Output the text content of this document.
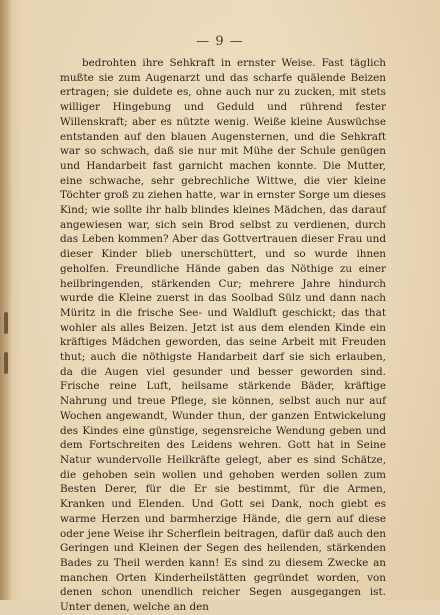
— 9 —
bedrohten ihre Sehkraft in ernster Weise. Fast täglich mußte sie zum Augenarzt und das scharfe quälende Beizen ertragen; sie duldete es, ohne auch nur zu zucken, mit stets williger Hingebung und Geduld und rührend fester Willenskraft; aber es nützte wenig. Weiße kleine Auswüchse entstanden auf den blauen Augensternen, und die Sehkraft war so schwach, daß sie nur mit Mühe der Schule genügen und Handarbeit fast garnicht machen konnte. Die Mutter, eine schwache, sehr gebrechliche Wittwe, die vier kleine Töchter groß zu ziehen hatte, war in ernster Sorge um dieses Kind; wie sollte ihr halb blindes kleines Mädchen, das darauf angewiesen war, sich sein Brod selbst zu verdienen, durch das Leben kommen? Aber das Gottvertrauen dieser Frau und dieser Kinder blieb unerschüttert, und so wurde ihnen geholfen. Freundliche Hände gaben das Nöthige zu einer heilbringenden, stärkenden Cur; mehrere Jahre hindurch wurde die Kleine zuerst in das Soolbad Sülz und dann nach Müritz in die frische See- und Waldluft geschickt; das that wohler als alles Beizen. Jetzt ist aus dem elenden Kinde ein kräftiges Mädchen geworden, das seine Arbeit mit Freuden thut; auch die nöthigste Handarbeit darf sie sich erlauben, da die Augen viel gesunder und besser geworden sind. Frische reine Luft, heilsame stärkende Bäder, kräftige Nahrung und treue Pflege, sie können, selbst auch nur auf Wochen angewandt, Wunder thun, der ganzen Entwickelung des Kindes eine günstige, segensreiche Wendung geben und dem Fortschreiten des Leidens wehren. Gott hat in Seine Natur wundervolle Heilkräfte gelegt, aber es sind Schätze, die gehoben sein wollen und gehoben werden sollen zum Besten Derer, für die Er sie bestimmt, für die Armen, Kranken und Elenden. Und Gott sei Dank, noch giebt es warme Herzen und barmherzige Hände, die gern auf diese oder jene Weise ihr Scherflein beitragen, dafür daß auch den Geringen und Kleinen der Segen des heilenden, stärkenden Bades zu Theil werden kann! Es sind zu diesem Zwecke an manchen Orten Kinderheilstätten gegründet worden, von denen schon unendlich reicher Segen ausgegangen ist. Unter denen, welche an den
